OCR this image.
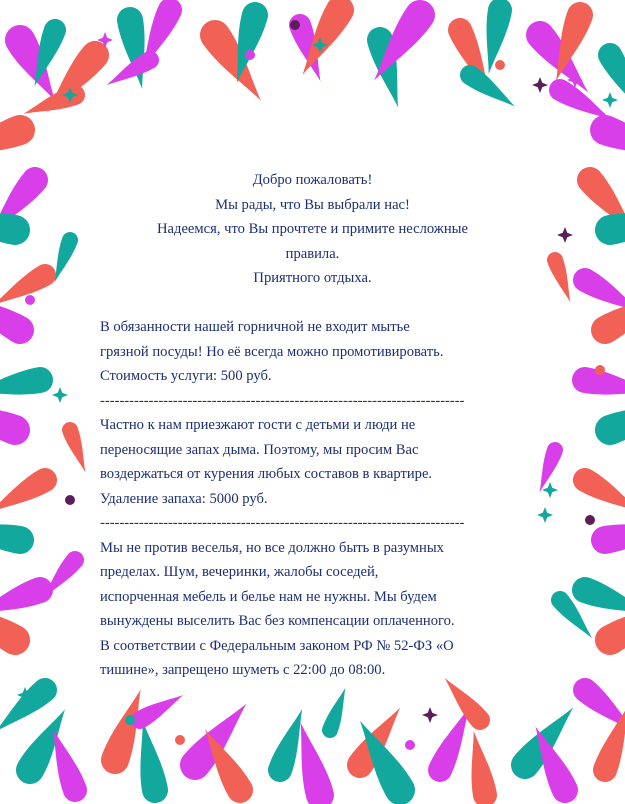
Добро пожаловать!
Мы рады, что Вы выбрали нас!
Надеемся, что Вы прочтете и примите несложные
правила.
Приятного отдыха.
В обязанности нашей горничной не входит мытье
грязной посуды! Но её всегда можно промотивировать.
Стоимость услуги: 500 руб.
---------------------------------------------------------------------------
Частно к нам приезжают гости с детьми и люди не
переносящие запах дыма. Поэтому, мы просим Вас
воздержаться от курения любых составов в квартире.
Удаление запаха: 5000 руб.
---------------------------------------------------------------------------
Мы не против веселья, но все должно быть в разумных
пределах. Шум, вечеринки, жалобы соседей,
испорченная мебель и белье нам не нужны. Мы будем
вынуждены выселить Вас без компенсации оплаченного.
В соответствии с Федеральным законом РФ № 52-ФЗ «О
тишине», запрещено шуметь с 22:00 до 08:00.
